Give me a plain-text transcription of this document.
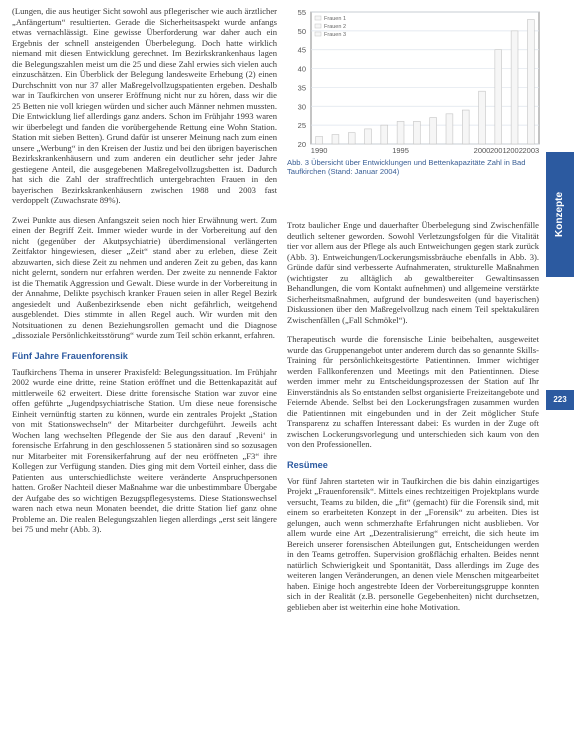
(Lungen, die aus heutiger Sicht sowohl aus pflegerischer wie auch ärztlicher „Anfängertum“ resultierten. Gerade die Sicherheitsaspekt wurde anfangs etwas vernachlässigt. Eine gewisse Überforderung war daher auch ein Ergebnis der schnell ansteigenden Überbelegung. Doch hatte wirklich niemand mit diesen Entwicklung gerechnet. Im Bezirkskrankenhaus lagen die Belegungszahlen meist um die 25 und diese Zahl erwies sich vielen auch einzuschätzen. Ein Überblick der Belegung landesweite Erhebung (2) einen Durchschnitt von nur 37 aller Maßregelvollzugspatienten ergeben. Deshalb war in Taufkirchen von unserer Eröffnung nicht nur zu hören, dass wir die 25 Betten nie voll kriegen würden und sicher auch Männer nehmen mussten. Die Entwicklung lief allerdings ganz anders. Schon im Frühjahr 1993 waren wir überbelegt und fanden die vorübergehende Rettung eine Wohn Station. Station mit sieben Betten). Grund dafür ist unserer Meinung nach zum einen unsere „Werbung“ in den Kreisen der Justiz und bei den übrigen bayerischen Bezirkskrankenhäusern und zum anderen ein deutlicher sehr jeder Jahre gestiegene Anteil, die ausgegebenen Maßregelvollzugsbetten ist. Dadurch hat sich die Zahl der straffrechtlich untergebrachten Frauen in den bayerischen Bezirkskrankenhäusern zwischen 1988 und 2003 fast verdoppelt (Zuwachsrate 89%).

Zwei Punkte aus diesen Anfangszeit seien noch hier Erwähnung wert. Zum einen der Begriff Zeit. Immer wieder wurde in der Vorbereitung auf den nicht (gegenüber der Akutpsychiatrie) überdimensional verlängerten Zeitfaktor hingewiesen, dieser „Zeit“ stand aber zu erleben, diese Zeit abzuwarten, sich diese Zeit zu nehmen und anderen Zeit zu geben, das kann nicht gelernt, sondern nur erfahren werden. Der zweite zu nennende Faktor ist die Thematik Aggression und Gewalt. Diese wurde in der Vorbereitung in der Annahme, Delikte psychisch kranker Frauen seien in aller Regel Bezirk angesiedelt und Außenbezirksende eben nicht gefährlich, weitgehend ausgeblendet. Dies stimmte in allen Regel auch. Wir wurden mit den Notsituationen zu denen Beziehungsrollen gemacht und die Diagnose „dissoziale Persönlichkeitsstörung“ wurde zum Teil schön erkannt, erfahren.

Fünf Jahre Frauenforensik

Taufkirchens Thema in unserer Praxisfeld: Belegungssituation. Im Frühjahr 2002 wurde eine dritte, reine Station eröffnet und die Bettenkapazität auf mittlerweile 62 erweitert. Diese dritte forensische Station war zuvor eine offen geführte „Jugendpsychiatrische Station. Um diese neue forensische Einheit vernünftig starten zu können, wurde ein zentrales Projekt „Station von mit Stationswechseln“ der Mitarbeiter durchgeführt. Jeweils acht Wochen lang wechselten Pflegende der Sie aus den darauf ‚Reveni‘ in forensische Erfahrung in den geschlossenen 5 stationären sind so sozusagen nur Mitarbeiter mit Forensikerfahrung auf der neu eröffneten „F3“ ihre Kollegen zur Verfügung standen. Dies ging mit dem Vorteil einher, dass die Patienten aus unterschiedlichste weitere veränderte Anspruchpersonen hatten. Großer Nachteil dieser Maßnahme war die unbestimmbare Übergabe der Aufgabe des so wichtigen Bezugspflegesystems. Diese Stationswechsel waren nach etwa neun Monaten beendet, die dritte Station lief ganz ohne Probleme an. Die realen Belegungszahlen liegen allerdings „erst seit längere bei 75 und mehr (Abb. 3).

20
25
30
35
40
45
50
55
1990	1995	2000 2001 2002 2003
Frauen 1
Frauen 2
Frauen 3
Abb. 3 Übersicht über Entwicklungen und Bettenkapazitäte Zahl in Bad Taufkirchen (Stand: Januar 2004)

Trotz baulicher Enge und dauerhafter Überbelegung sind Zwischenfälle deutlich seltener geworden. Sowohl Verletzungsfolgen für die Vitalität tier vor allem aus der Pflege als auch Entweichungen gegen stark zurück (Abb. 3). Entweichungen/Lockerungsmissbräuche ebenfalls in Abb. 3). Gründe dafür sind verbesserte Aufnahmeraten, strukturelle Maßnahmen (wichtigster zu alltäglich ab gewaltbereiter Gewaltinsassen Behandlungen, die vom Kontakt aufnehmen) und allgemeine verstärkte Sicherheitsmaßnahmen, aufgrund der bundesweiten (und bayerischen) Diskussionen über den Maßregelvollzug nach einem Teil spektakulären Zwischenfällen („Fall Schmökel“).

Therapeutisch wurde die forensische Linie beibehalten, ausgeweitet wurde das Gruppenangebot unter anderem durch das so genannte Skills-Training für persönlichkeitsgestörte Patientinnen. Immer wichtiger werden Fallkonferenzen und Meetings mit den Patientinnen. Diese werden immer mehr zu Entscheidungsprozessen der Station auf Ihr Einverständnis als So entstanden selbst organisierte Freizeitangebote und Feiernde Abende. Selbst bei den Lockerungsfragen zusammen wurden die Patientinnen mit eingebunden und in der Zeit möglicher Stufe Transparenz zu schaffen Interessant dabei: Es wurden in der Zuge oft zwischen Lockerungsvorlegung und unterschieden sich kaum von den von den Professionellen.

Resümee

Vor fünf Jahren starteten wir in Taufkirchen die bis dahin einzigartiges Projekt „Frauenforensik“. Mittels eines rechtzeitigen Projektplans wurde versucht, Teams zu bilden, die „fit“ (gemacht) für die Forensik sind, mit einem so erarbeiteten Konzept in der „Forensik“ zu arbeiten. Dies ist gelungen, auch wenn schmerzhafte Erfahrungen nicht ausblieben. Vor allem wurde eine Art „Dezentralisierung“ erreicht, die sich heute im Bereich unserer forensischen Abteilungen gut, Entscheidungen werden in den Teams getroffen. Supervision großflächig erhalten. Beides nennt natürlich Schwierigkeit und Spontanität, Dass allerdings im Zuge des weiteren langen Veränderungen, an denen viele Menschen mitgearbeitet haben. Einige hoch angestrebte Ideen der Vorbereitungsgruppe konnten sich in der Realität (z.B. personelle Gegebenheiten) nicht durchsetzen, geblieben aber ist weiterhin eine hohe Motivation.

Konzepte
223
